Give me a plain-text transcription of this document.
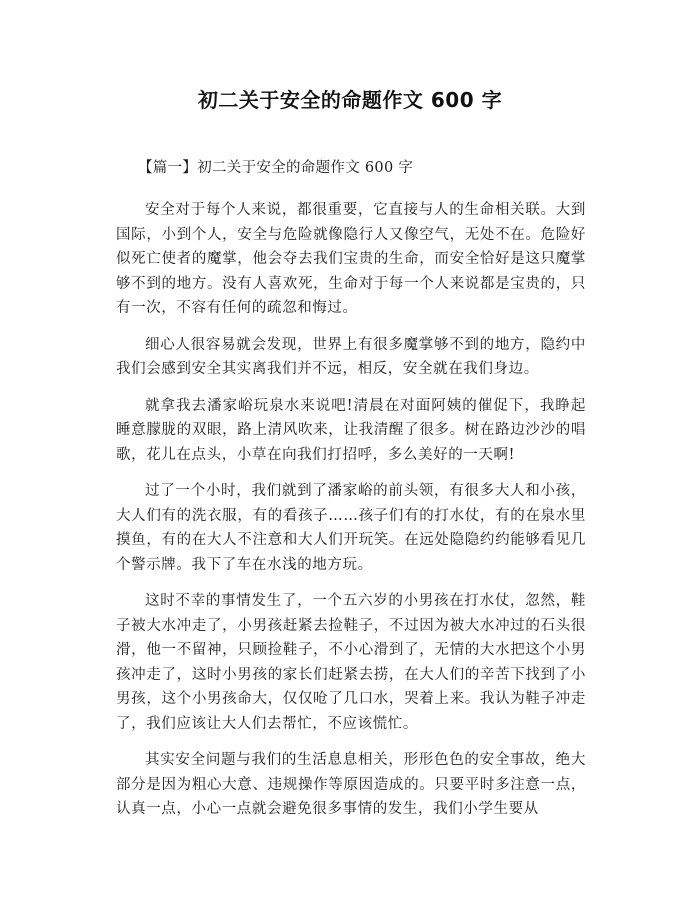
初二关于安全的命题作文 600 字
【篇一】初二关于安全的命题作文 600 字

安全对于每个人来说，都很重要，它直接与人的生命相关联。大到国际，小到个人，安全与危险就像隐行人又像空气，无处不在。危险好似死亡使者的魔掌，他会夺去我们宝贵的生命，而安全恰好是这只魔掌够不到的地方。没有人喜欢死，生命对于每一个人来说都是宝贵的，只有一次，不容有任何的疏忽和悔过。

细心人很容易就会发现，世界上有很多魔掌够不到的地方，隐约中我们会感到安全其实离我们并不远，相反，安全就在我们身边。

就拿我去潘家峪玩泉水来说吧!清晨在对面阿姨的催促下，我睁起睡意朦胧的双眼，路上清风吹来，让我清醒了很多。树在路边沙沙的唱歌，花儿在点头，小草在向我们打招呼，多么美好的一天啊!

过了一个小时，我们就到了潘家峪的前头领，有很多大人和小孩，大人们有的洗衣服，有的看孩子……孩子们有的打水仗，有的在泉水里摸鱼，有的在大人不注意和大人们开玩笑。在远处隐隐约约能够看见几个警示牌。我下了车在水浅的地方玩。

这时不幸的事情发生了，一个五六岁的小男孩在打水仗，忽然，鞋子被大水冲走了，小男孩赶紧去捡鞋子，不过因为被大水冲过的石头很滑，他一不留神，只顾捡鞋子，不小心滑到了，无情的大水把这个小男孩冲走了，这时小男孩的家长们赶紧去捞，在大人们的辛苦下找到了小男孩，这个小男孩命大，仅仅呛了几口水，哭着上来。我认为鞋子冲走了，我们应该让大人们去帮忙，不应该慌忙。

其实安全问题与我们的生活息息相关，形形色色的安全事故，绝大部分是因为粗心大意、违规操作等原因造成的。只要平时多注意一点，认真一点，小心一点就会避免很多事情的发生，我们小学生要从
